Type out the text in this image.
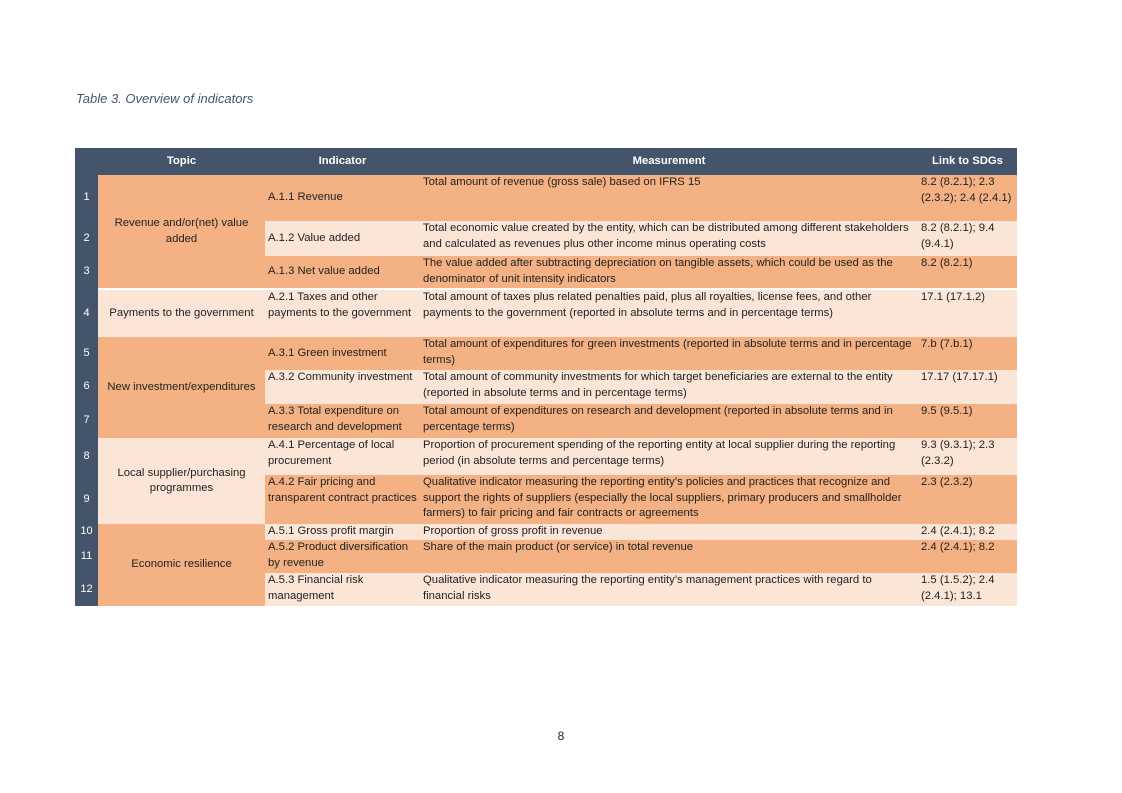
Table 3. Overview of indicators
	Topic	Indicator	Measurement	Link to SDGs
1	Revenue and/or(net) value added	A.1.1 Revenue	Total amount of revenue (gross sale) based on IFRS 15	8.2 (8.2.1); 2.3 (2.3.2); 2.4 (2.4.1)
2		A.1.2 Value added	Total economic value created by the entity, which can be distributed among different stakeholders and calculated as revenues plus other income minus operating costs	8.2 (8.2.1); 9.4 (9.4.1)
3		A.1.3 Net value added	The value added after subtracting depreciation on tangible assets, which could be used as the denominator of unit intensity indicators	8.2 (8.2.1)
4	Payments to the government	A.2.1 Taxes and other payments to the government	Total amount of taxes plus related penalties paid, plus all royalties, license fees, and other payments to the government (reported in absolute terms and in percentage terms)	17.1 (17.1.2)
5	New investment/expenditures	A.3.1 Green investment	Total amount of expenditures for green investments (reported in absolute terms and in percentage terms)	7.b (7.b.1)
6		A.3.2 Community investment	Total amount of community investments for which target beneficiaries are external to the entity (reported in absolute terms and in percentage terms)	17.17 (17.17.1)
7		A.3.3 Total expenditure on research and development	Total amount of expenditures on research and development (reported in absolute terms and in percentage terms)	9.5 (9.5.1)
8	Local supplier/purchasing programmes	A.4.1 Percentage of local procurement	Proportion of procurement spending of the reporting entity at local supplier during the reporting period (in absolute terms and percentage terms)	9.3 (9.3.1); 2.3 (2.3.2)
9		A.4.2 Fair pricing and transparent contract practices	Qualitative indicator measuring the reporting entity’s policies and practices that recognize and support the rights of suppliers (especially the local suppliers, primary producers and smallholder farmers) to fair pricing and fair contracts or agreements	2.3 (2.3.2)
10	Economic resilience	A.5.1 Gross profit margin	Proportion of gross profit in revenue	2.4 (2.4.1); 8.2
11		A.5.2 Product diversification by revenue	Share of the main product (or service) in total revenue	2.4 (2.4.1); 8.2
12		A.5.3 Financial risk management	Qualitative indicator measuring the reporting entity’s management practices with regard to financial risks	1.5 (1.5.2); 2.4 (2.4.1); 13.1
8
